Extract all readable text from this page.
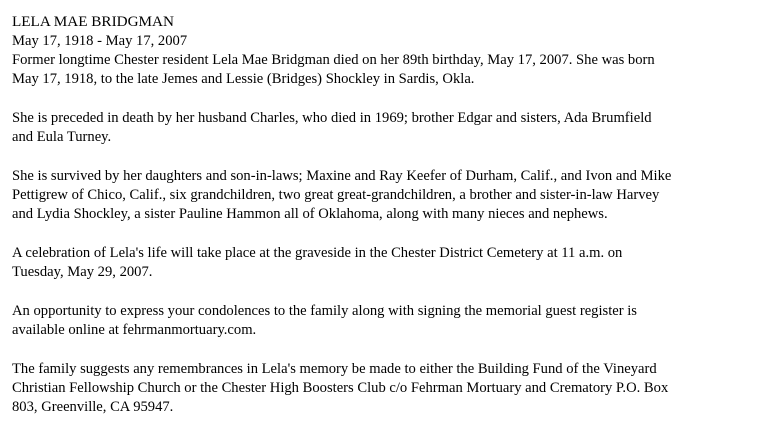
LELA MAE BRIDGMAN
May 17, 1918 - May 17, 2007
Former longtime Chester resident Lela Mae Bridgman died on her 89th birthday, May 17, 2007. She was born
May 17, 1918, to the late Jemes and Lessie (Bridges) Shockley in Sardis, Okla.
She is preceded in death by her husband Charles, who died in 1969; brother Edgar and sisters, Ada Brumfield
and Eula Turney.
She is survived by her daughters and son-in-laws; Maxine and Ray Keefer of Durham, Calif., and Ivon and Mike
Pettigrew of Chico, Calif., six grandchildren, two great great-grandchildren, a brother and sister-in-law Harvey
and Lydia Shockley, a sister Pauline Hammon all of Oklahoma, along with many nieces and nephews.
A celebration of Lela's life will take place at the graveside in the Chester District Cemetery at 11 a.m. on
Tuesday, May 29, 2007.
An opportunity to express your condolences to the family along with signing the memorial guest register is
available online at fehrmanmortuary.com.
The family suggests any remembrances in Lela's memory be made to either the Building Fund of the Vineyard
Christian Fellowship Church or the Chester High Boosters Club c/o Fehrman Mortuary and Crematory P.O. Box
803, Greenville, CA 95947.
